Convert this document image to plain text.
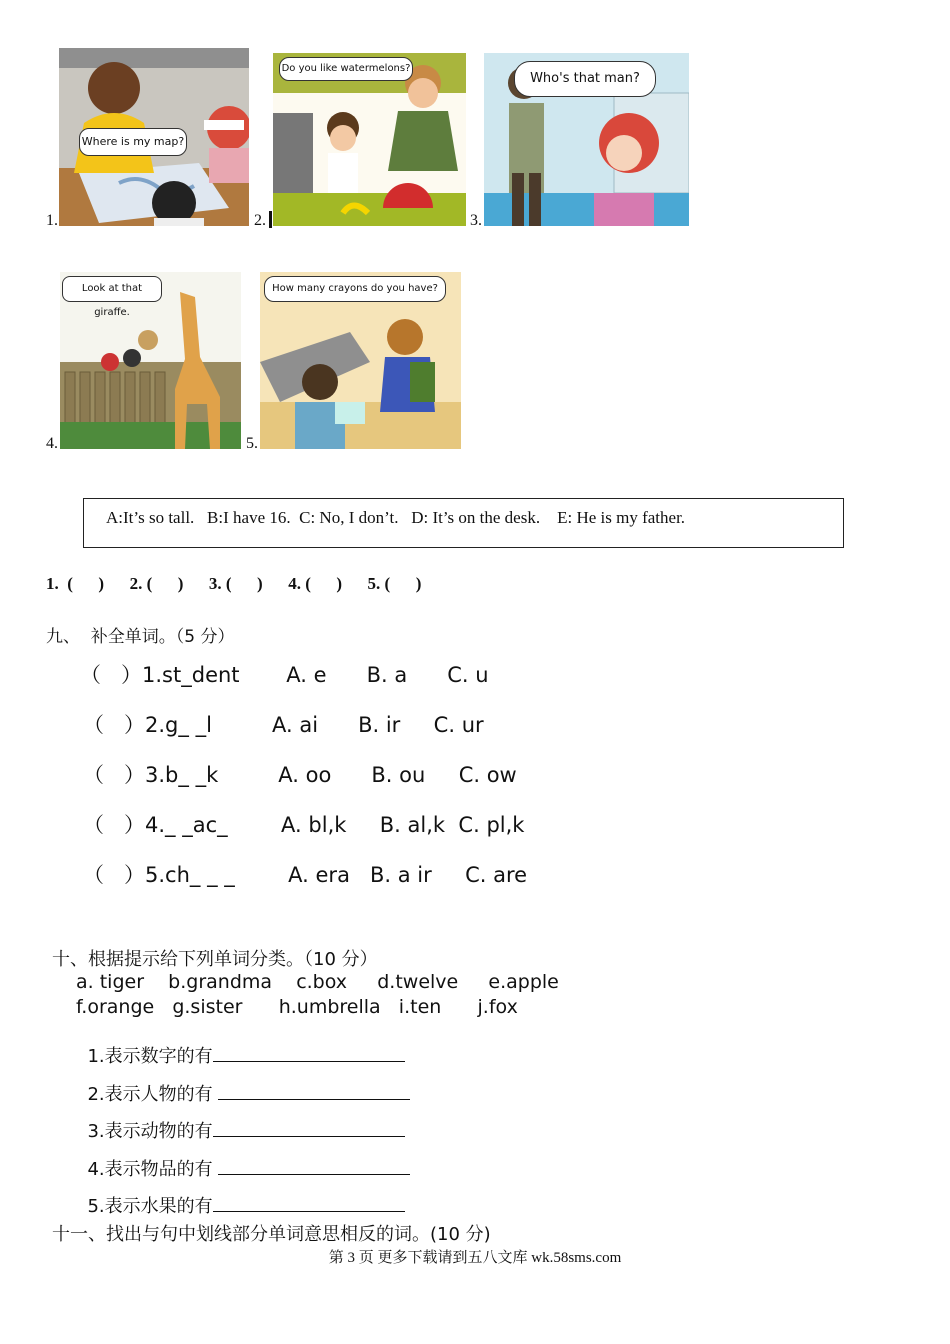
Where is my map?
1.
Do you like watermelons?
2.
Who's that man?
3.
Look at that giraffe.
4.
How many crayons do you have?
5.
A:It’s so tall.   B:I have 16.  C: No, I don’t.   D: It’s on the desk.    E: He is my father.
1.  (      )      2. (      )      3. (      )      4. (      )      5. (      )
九、  补全单词。（5 分）
（   ）1.st_dent       A. e      B. a      C. u
（   ）2.g_ _l         A. ai      B. ir     C. ur
（   ）3.b_ _k         A. oo      B. ou     C. ow
（   ）4._ _ac_        A. bl,k     B. al,k  C. pl,k
（   ）5.ch_ _ _        A. era   B. a ir     C. are
十、根据提示给下列单词分类。（10 分）
a. tiger    b.grandma    c.box     d.twelve     e.apple
f.orange   g.sister      h.umbrella   i.ten      j.fox

1.表示数字的有

2.表示人物的有

3.表示动物的有

4.表示物品的有

5.表示水果的有

十一、找出与句中划线部分单词意思相反的词。(10 分)
第 3 页 更多下载请到五八文库 wk.58sms.com
